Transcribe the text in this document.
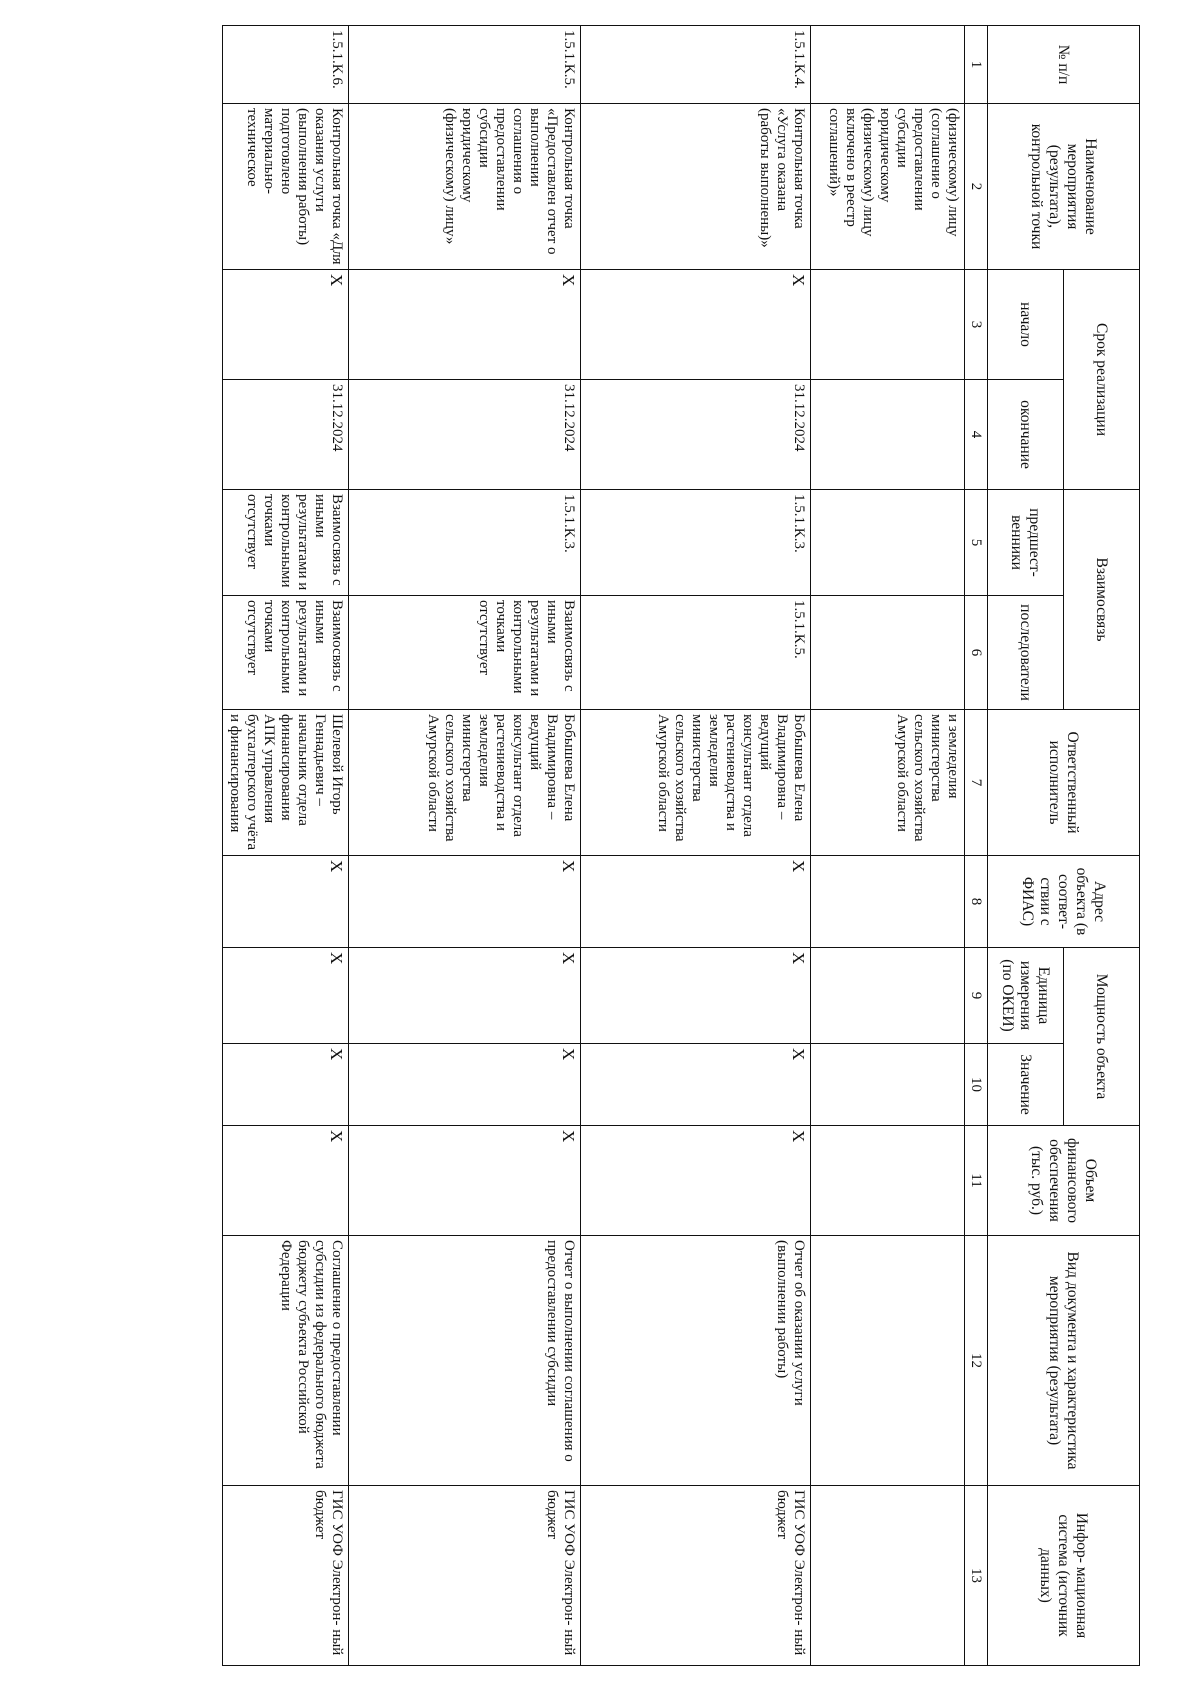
№ п/п	Наименование мероприятия (результата), контрольной точки	Срок реализации		Взаимосвязь		Ответственный исполнитель	Адрес объекта (в соответ- ствии с ФИАС)	Мощность объекта		Объем финансового обеспечения (тыс. руб.)	Вид документа и характеристика мероприятия (результата)	Инфор- мационная система (источник данных)
		начало	окончание	предшест- венники	последователи			Единица измерения (по ОКЕИ)	Значение			
1	2	3	4	5	6	7	8	9	10	11	12	13
	(физическому) лицу (соглашение о предоставлении субсидии юридическому (физическому) лицу включено в реестр соглашений)»					и земледелия министерства сельского хозяйства Амурской области						
1.5.1.К.4.	Контрольная точка «Услуга оказана (работы выполнены)»	X	31.12.2024	1.5.1.К.3.	1.5.1.К.5.	Бобышева Елена Владимировна – ведущий консультант отдела растениеводства и земледелия министерства сельского хозяйства Амурской области	X	X	X	X	Отчет об оказании услуги (выполнении работы)	ГИС УОФ Электрон- ный бюджет
1.5.1.К.5.	Контрольная точка «Предоставлен отчет о выполнении соглашения о предоставлении субсидии юридическому (физическому) лицу»	X	31.12.2024	1.5.1.К.3.	Взаимосвязь с иными результатами и контрольными точками отсутствует	Бобышева Елена Владимировна – ведущий консультант отдела растениеводства и земледелия министерства сельского хозяйства Амурской области	X	X	X	X	Отчет о выполнении соглашения о предоставлении субсидии	ГИС УОФ Электрон- ный бюджет
1.5.1.К.6.	Контрольная точка «Для оказания услуги (выполнения работы) подготовлено материально- техническое	X	31.12.2024	Взаимосвязь с иными результатами и контрольными точками отсутствует	Взаимосвязь с иными результатами и контрольными точками отсутствует	Шелевой Игорь Геннадьевич – начальник отдела финансирования АПК управления бухгалтерского учёта и финансирования	X	X	X	X	Соглашение о предоставлении субсидии из федерального бюджета бюджету субъекта Российской Федерации	ГИС УОФ Электрон- ный бюджет
